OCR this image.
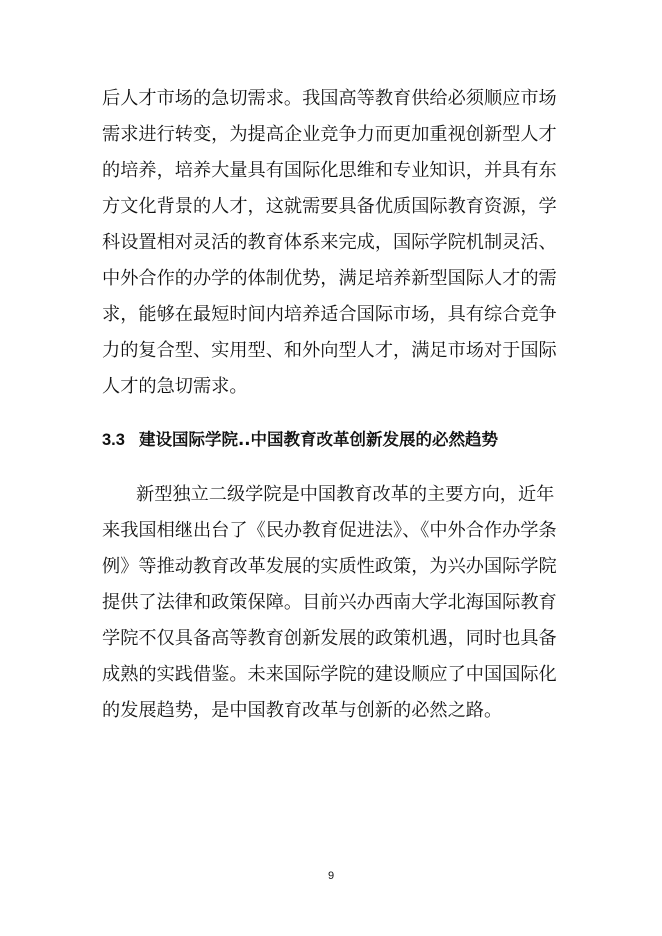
后人才市场的急切需求。我国高等教育供给必须顺应市场
需求进行转变，为提高企业竞争力而更加重视创新型人才
的培养，培养大量具有国际化思维和专业知识，并具有东
方文化背景的人才，这就需要具备优质国际教育资源，学
科设置相对灵活的教育体系来完成，国际学院机制灵活、
中外合作的办学的体制优势，满足培养新型国际人才的需
求，能够在最短时间内培养适合国际市场，具有综合竞争
力的复合型、实用型、和外向型人才，满足市场对于国际
人才的急切需求。
3.3 建设国际学院..中国教育改革创新发展的必然趋势
新型独立二级学院是中国教育改革的主要方向，近年
来我国相继出台了《民办教育促进法》、《中外合作办学条
例》等推动教育改革发展的实质性政策，为兴办国际学院
提供了法律和政策保障。目前兴办西南大学北海国际教育
学院不仅具备高等教育创新发展的政策机遇，同时也具备
成熟的实践借鉴。未来国际学院的建设顺应了中国国际化
的发展趋势，是中国教育改革与创新的必然之路。
9
